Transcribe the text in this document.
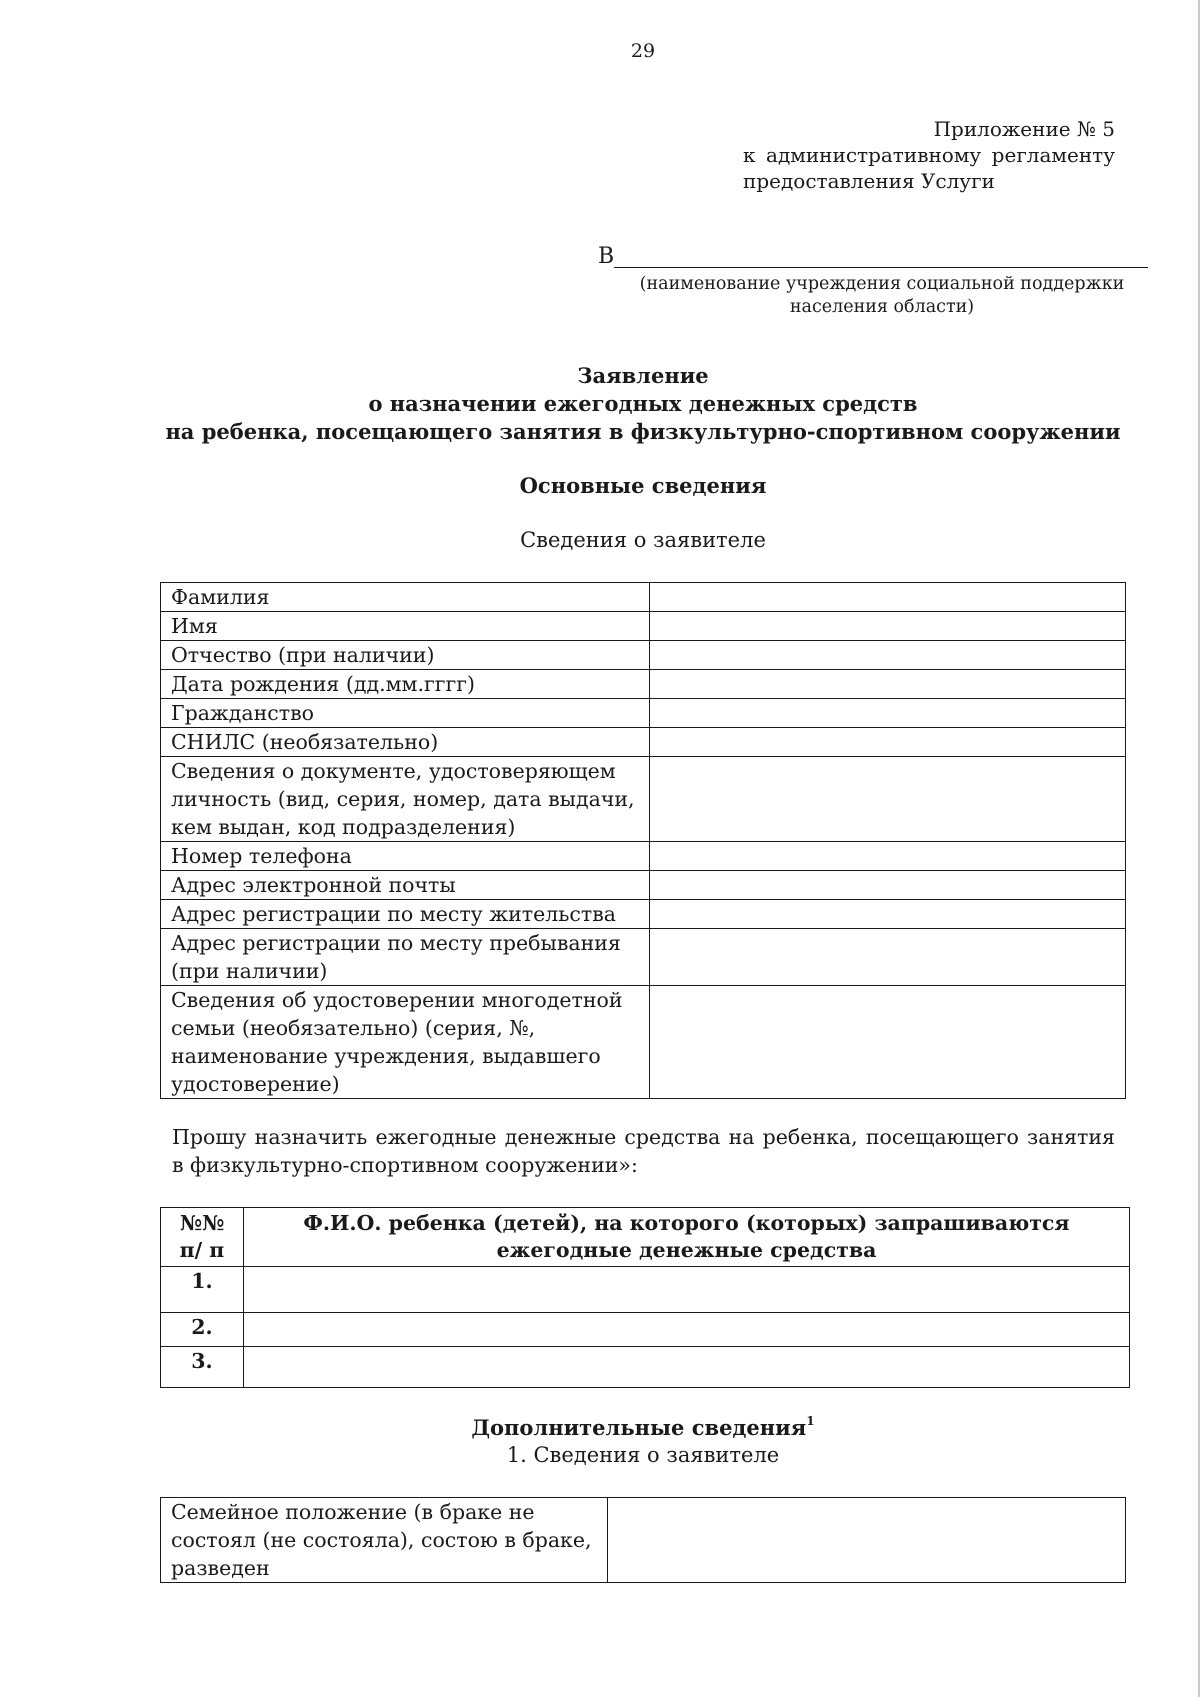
29
Приложение № 5
к административному регламенту
предоставления Услуги
В
(наименование учреждения социальной поддержки
населения области)
Заявление
о назначении ежегодных денежных средств
на ребенка, посещающего занятия в физкультурно-спортивном сооружении
Основные сведения
Сведения о заявителе
Фамилия	
Имя	
Отчество (при наличии)	
Дата рождения (дд.мм.гггг)	
Гражданство	
СНИЛС (необязательно)	
Сведения о документе, удостоверяющем личность (вид, серия, номер, дата выдачи, кем выдан, код подразделения)	
Номер телефона	
Адрес электронной почты	
Адрес регистрации по месту жительства	
Адрес регистрации по месту пребывания (при наличии)	
Сведения об удостоверении многодетной семьи (необязательно) (серия, №, наименование учреждения, выдавшего удостоверение)	
Прошу назначить ежегодные денежные средства на ребенка, посещающего занятия в физкультурно-спортивном сооружении»:
№№ п/ п	Ф.И.О. ребенка (детей), на которого (которых) запрашиваются ежегодные денежные средства
1.	
2.	
3.	
Дополнительные сведения$^1$
1. Сведения о заявителе
Семейное положение (в браке не состоял (не состояла), состою в браке, разведен	
